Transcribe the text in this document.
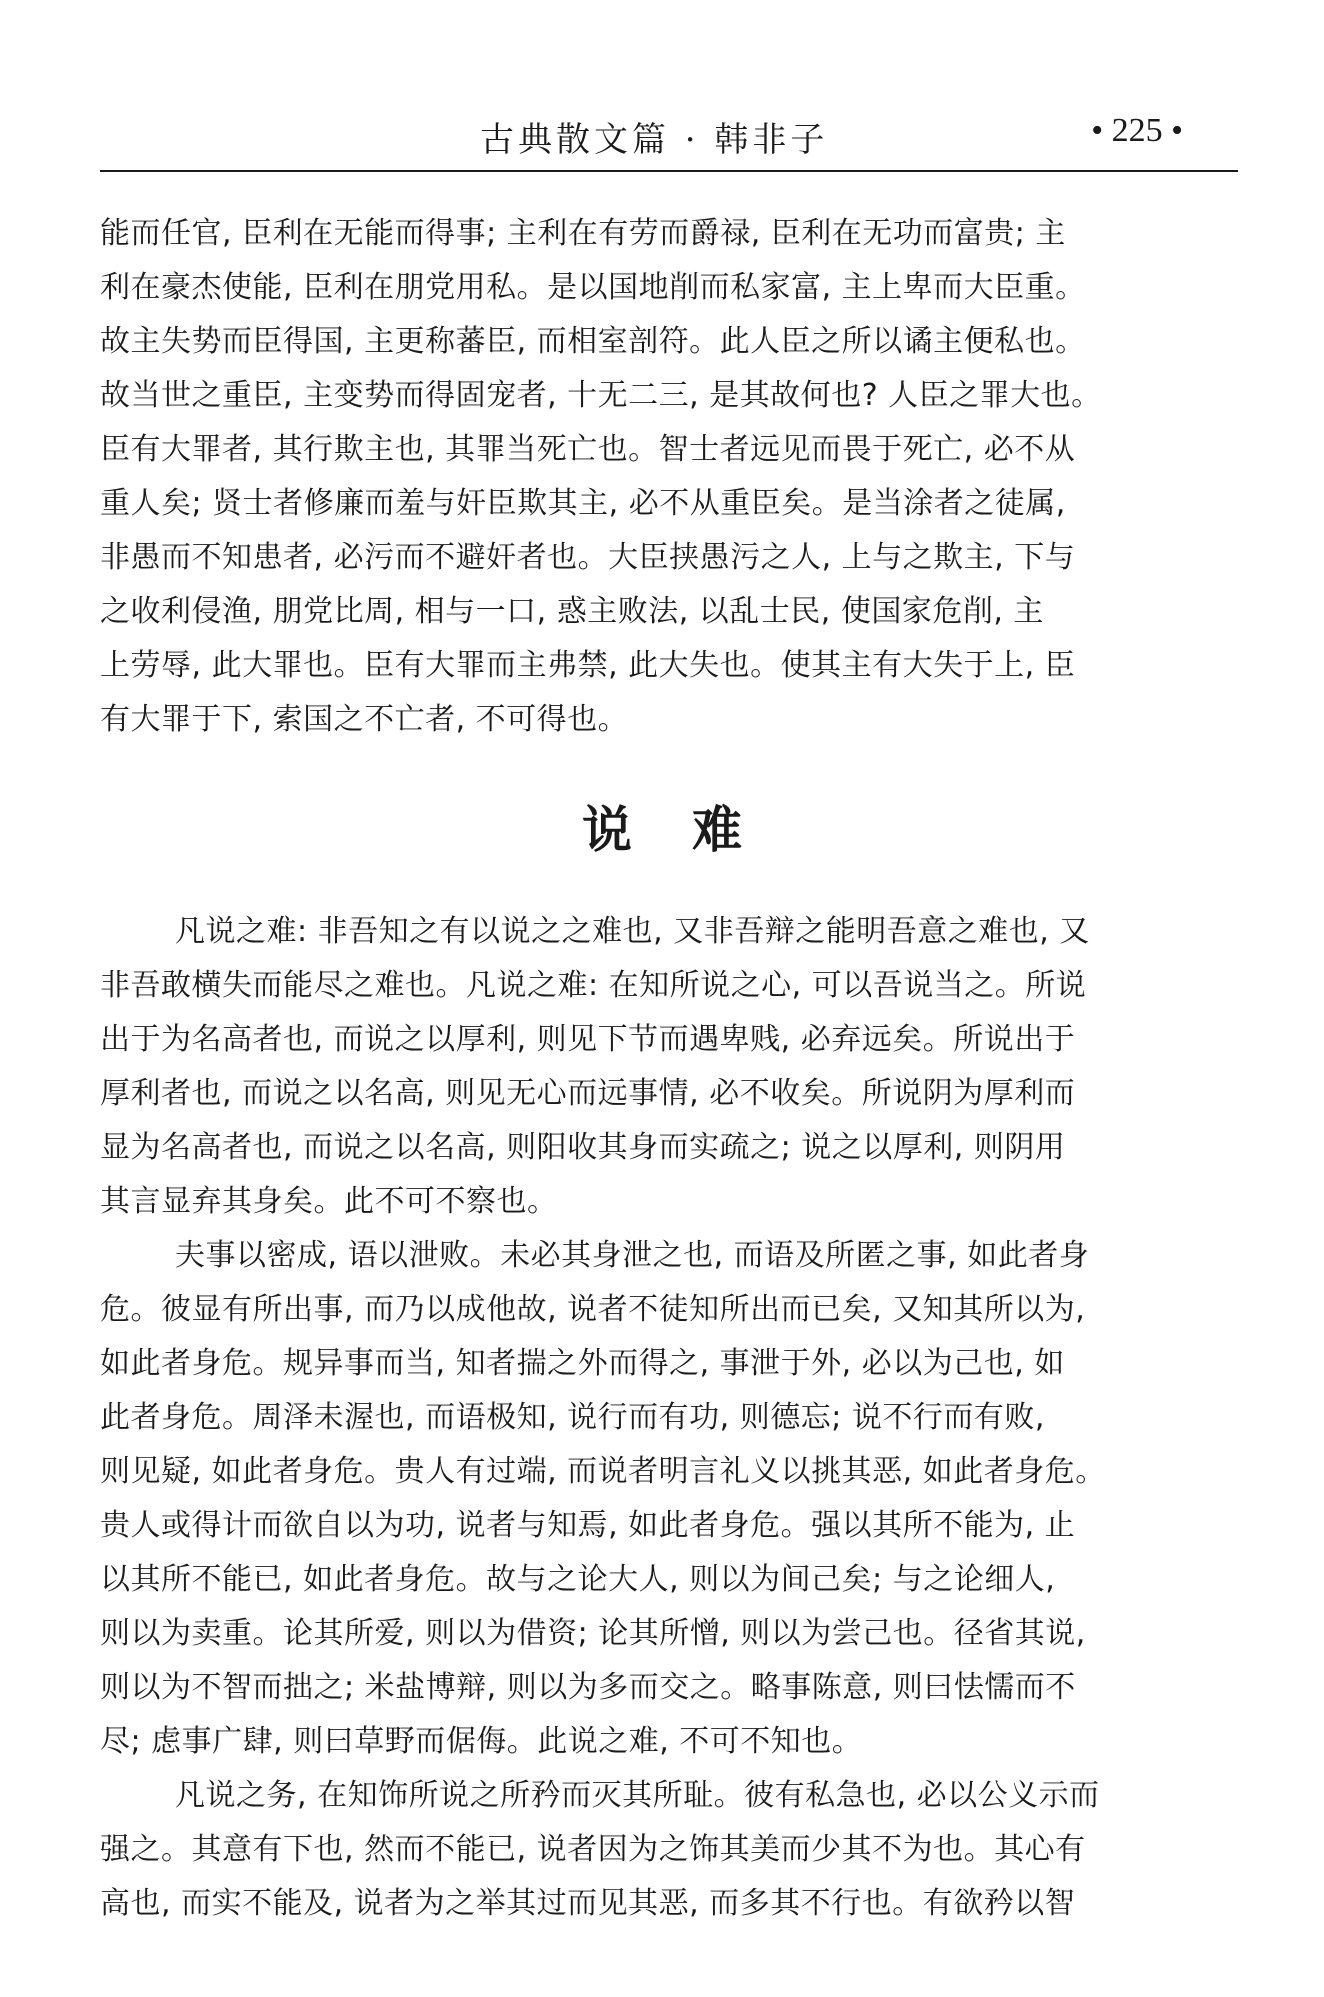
古典散文篇 · 韩非子	• 225 •
能而任官, 臣利在无能而得事; 主利在有劳而爵禄, 臣利在无功而富贵; 主
利在豪杰使能, 臣利在朋党用私。是以国地削而私家富, 主上卑而大臣重。
故主失势而臣得国, 主更称蕃臣, 而相室剖符。此人臣之所以谲主便私也。
故当世之重臣, 主变势而得固宠者, 十无二三, 是其故何也? 人臣之罪大也。
臣有大罪者, 其行欺主也, 其罪当死亡也。智士者远见而畏于死亡, 必不从
重人矣; 贤士者修廉而羞与奸臣欺其主, 必不从重臣矣。是当涂者之徒属,
非愚而不知患者, 必污而不避奸者也。大臣挟愚污之人, 上与之欺主, 下与
之收利侵渔, 朋党比周, 相与一口, 惑主败法, 以乱士民, 使国家危削, 主
上劳辱, 此大罪也。臣有大罪而主弗禁, 此大失也。使其主有大失于上, 臣
有大罪于下, 索国之不亡者, 不可得也。
说难
凡说之难: 非吾知之有以说之之难也, 又非吾辩之能明吾意之难也, 又
非吾敢横失而能尽之难也。凡说之难: 在知所说之心, 可以吾说当之。所说
出于为名高者也, 而说之以厚利, 则见下节而遇卑贱, 必弃远矣。所说出于
厚利者也, 而说之以名高, 则见无心而远事情, 必不收矣。所说阴为厚利而
显为名高者也, 而说之以名高, 则阳收其身而实疏之; 说之以厚利, 则阴用
其言显弃其身矣。此不可不察也。
夫事以密成, 语以泄败。未必其身泄之也, 而语及所匿之事, 如此者身
危。彼显有所出事, 而乃以成他故, 说者不徒知所出而已矣, 又知其所以为,
如此者身危。规异事而当, 知者揣之外而得之, 事泄于外, 必以为己也, 如
此者身危。周泽未渥也, 而语极知, 说行而有功, 则德忘; 说不行而有败,
则见疑, 如此者身危。贵人有过端, 而说者明言礼义以挑其恶, 如此者身危。
贵人或得计而欲自以为功, 说者与知焉, 如此者身危。强以其所不能为, 止
以其所不能已, 如此者身危。故与之论大人, 则以为间己矣; 与之论细人,
则以为卖重。论其所爱, 则以为借资; 论其所憎, 则以为尝己也。径省其说,
则以为不智而拙之; 米盐博辩, 则以为多而交之。略事陈意, 则曰怯懦而不
尽; 虑事广肆, 则曰草野而倨侮。此说之难, 不可不知也。
凡说之务, 在知饰所说之所矜而灭其所耻。彼有私急也, 必以公义示而
强之。其意有下也, 然而不能已, 说者因为之饰其美而少其不为也。其心有
高也, 而实不能及, 说者为之举其过而见其恶, 而多其不行也。有欲矜以智
